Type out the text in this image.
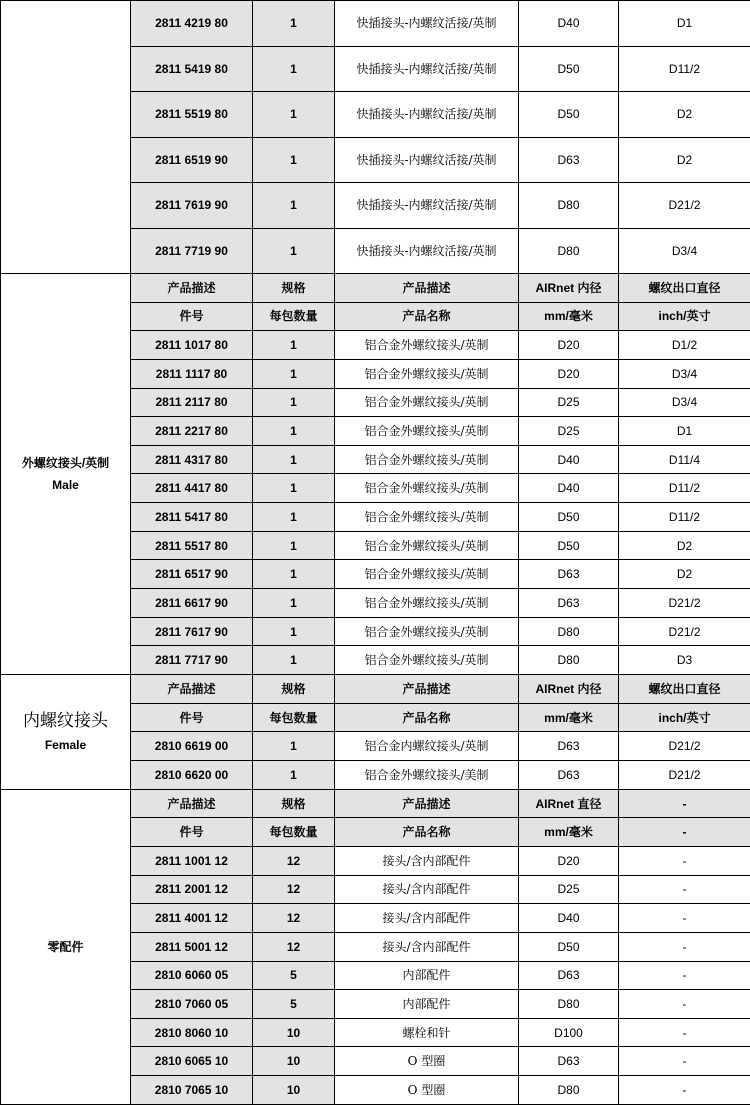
	2811 4219 80	1	快插接头-内螺纹活接/英制	D40	D1
	2811 5419 80	1	快插接头-内螺纹活接/英制	D50	D11/2
	2811 5519 80	1	快插接头-内螺纹活接/英制	D50	D2
	2811 6519 90	1	快插接头-内螺纹活接/英制	D63	D2
	2811 7619 90	1	快插接头-内螺纹活接/英制	D80	D21/2
	2811 7719 90	1	快插接头-内螺纹活接/英制	D80	D3/4

外螺纹接头/英制
Male	产品描述	规格	产品描述	AIRnet 内径	螺纹出口直径
	件号	每包数量	产品名称	mm/毫米	inch/英寸
	2811 1017 80	1	铝合金外螺纹接头/英制	D20	D1/2
	2811 1117 80	1	铝合金外螺纹接头/英制	D20	D3/4
	2811 2117 80	1	铝合金外螺纹接头/英制	D25	D3/4
	2811 2217 80	1	铝合金外螺纹接头/英制	D25	D1
	2811 4317 80	1	铝合金外螺纹接头/英制	D40	D11/4
	2811 4417 80	1	铝合金外螺纹接头/英制	D40	D11/2
	2811 5417 80	1	铝合金外螺纹接头/英制	D50	D11/2
	2811 5517 80	1	铝合金外螺纹接头/英制	D50	D2
	2811 6517 90	1	铝合金外螺纹接头/英制	D63	D2
	2811 6617 90	1	铝合金外螺纹接头/英制	D63	D21/2
	2811 7617 90	1	铝合金外螺纹接头/英制	D80	D21/2
	2811 7717 90	1	铝合金外螺纹接头/英制	D80	D3

内螺纹接头
Female	产品描述	规格	产品描述	AIRnet 内径	螺纹出口直径
	件号	每包数量	产品名称	mm/毫米	inch/英寸
	2810 6619 00	1	铝合金内螺纹接头/英制	D63	D21/2
	2810 6620 00	1	铝合金外螺纹接头/美制	D63	D21/2

零配件	产品描述	规格	产品描述	AIRnet 直径	-
	件号	每包数量	产品名称	mm/毫米	-
	2811 1001 12	12	接头/含内部配件	D20	-
	2811 2001 12	12	接头/含内部配件	D25	-
	2811 4001 12	12	接头/含内部配件	D40	-
	2811 5001 12	12	接头/含内部配件	D50	-
	2810 6060 05	5	内部配件	D63	-
	2810 7060 05	5	内部配件	D80	-
	2810 8060 10	10	螺栓和针	D100	-
	2810 6065 10	10	O 型圈	D63	-
	2810 7065 10	10	O 型圈	D80	-
